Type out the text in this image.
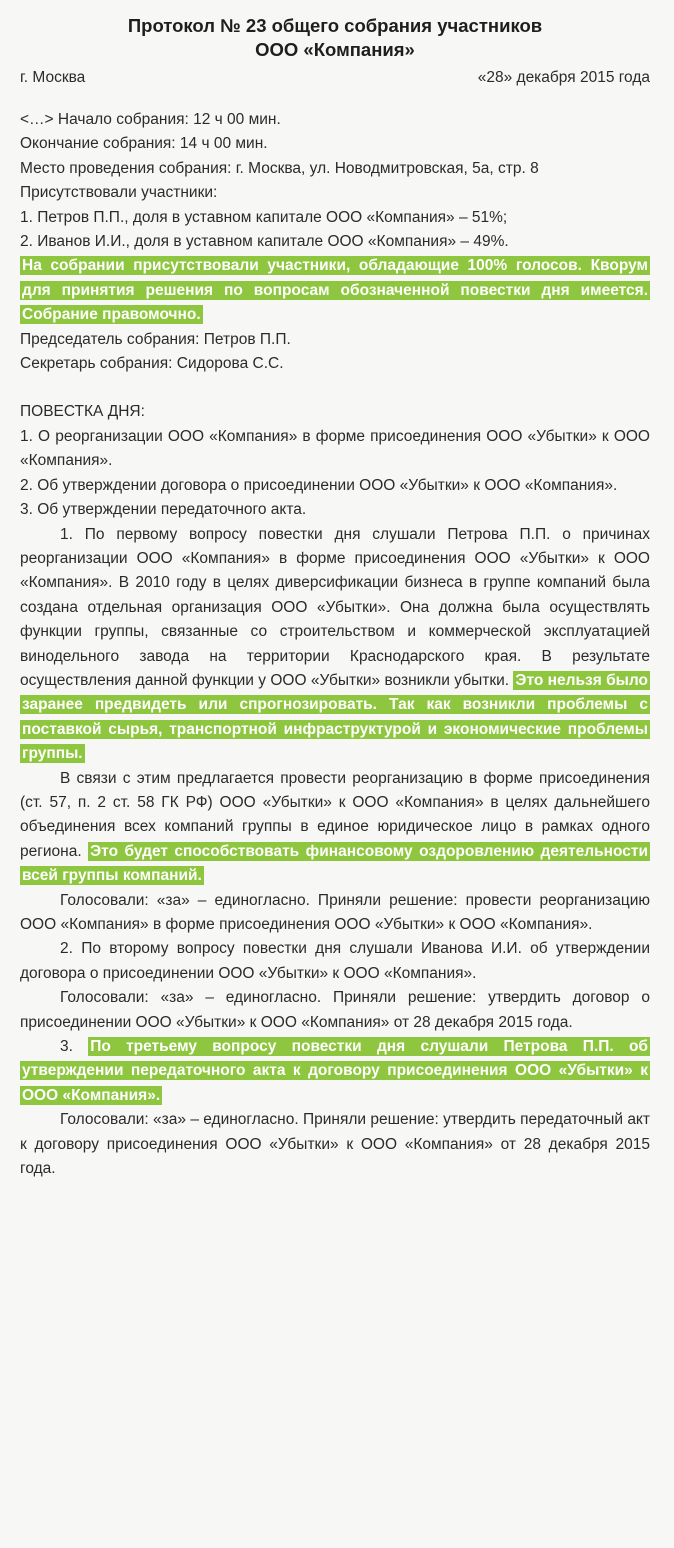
Протокол № 23 общего собрания участников
ООО «Компания»
г. Москва	«28» декабря 2015 года
<…> Начало собрания: 12 ч 00 мин.
Окончание собрания: 14 ч 00 мин.
Место проведения собрания: г. Москва, ул. Новодмитровская, 5а, стр. 8
Присутствовали участники:
1. Петров П.П., доля в уставном капитале ООО «Компания» – 51%;
2. Иванов И.И., доля в уставном капитале ООО «Компания» – 49%.
На собрании присутствовали участники, обладающие 100% голосов. Кворум для принятия решения по вопросам обозначенной повестки дня имеется. Собрание правомочно.
Председатель собрания: Петров П.П.
Секретарь собрания: Сидорова С.С.
ПОВЕСТКА ДНЯ:
1. О реорганизации ООО «Компания» в форме присоединения ООО «Убытки» к ООО «Компания».
2. Об утверждении договора о присоединении ООО «Убытки» к ООО «Компания».
3. Об утверждении передаточного акта.
1. По первому вопросу повестки дня слушали Петрова П.П. о причинах реорганизации ООО «Компания» в форме присоединения ООО «Убытки» к ООО «Компания». В 2010 году в целях диверсификации бизнеса в группе компаний была создана отдельная организация ООО «Убытки». Она должна была осуществлять функции группы, связанные со строительством и коммерческой эксплуатацией винодельного завода на территории Краснодарского края. В результате осуществления данной функции у ООО «Убытки» возникли убытки. Это нельзя было заранее предвидеть или спрогнозировать. Так как возникли проблемы с поставкой сырья, транспортной инфраструктурой и экономические проблемы группы.
В связи с этим предлагается провести реорганизацию в форме присоединения (ст. 57, п. 2 ст. 58 ГК РФ) ООО «Убытки» к ООО «Компания» в целях дальнейшего объединения всех компаний группы в единое юридическое лицо в рамках одного региона. Это будет способствовать финансовому оздоровлению деятельности всей группы компаний.
Голосовали: «за» – единогласно. Приняли решение: провести реорганизацию ООО «Компания» в форме присоединения ООО «Убытки» к ООО «Компания».
2. По второму вопросу повестки дня слушали Иванова И.И. об утверждении договора о присоединении ООО «Убытки» к ООО «Компания».
Голосовали: «за» – единогласно. Приняли решение: утвердить договор о присоединении ООО «Убытки» к ООО «Компания» от 28 декабря 2015 года.
3. По третьему вопросу повестки дня слушали Петрова П.П. об утверждении передаточного акта к договору присоединения ООО «Убытки» к ООО «Компания».
Голосовали: «за» – единогласно. Приняли решение: утвердить передаточный акт к договору присоединения ООО «Убытки» к ООО «Компания» от 28 декабря 2015 года.
